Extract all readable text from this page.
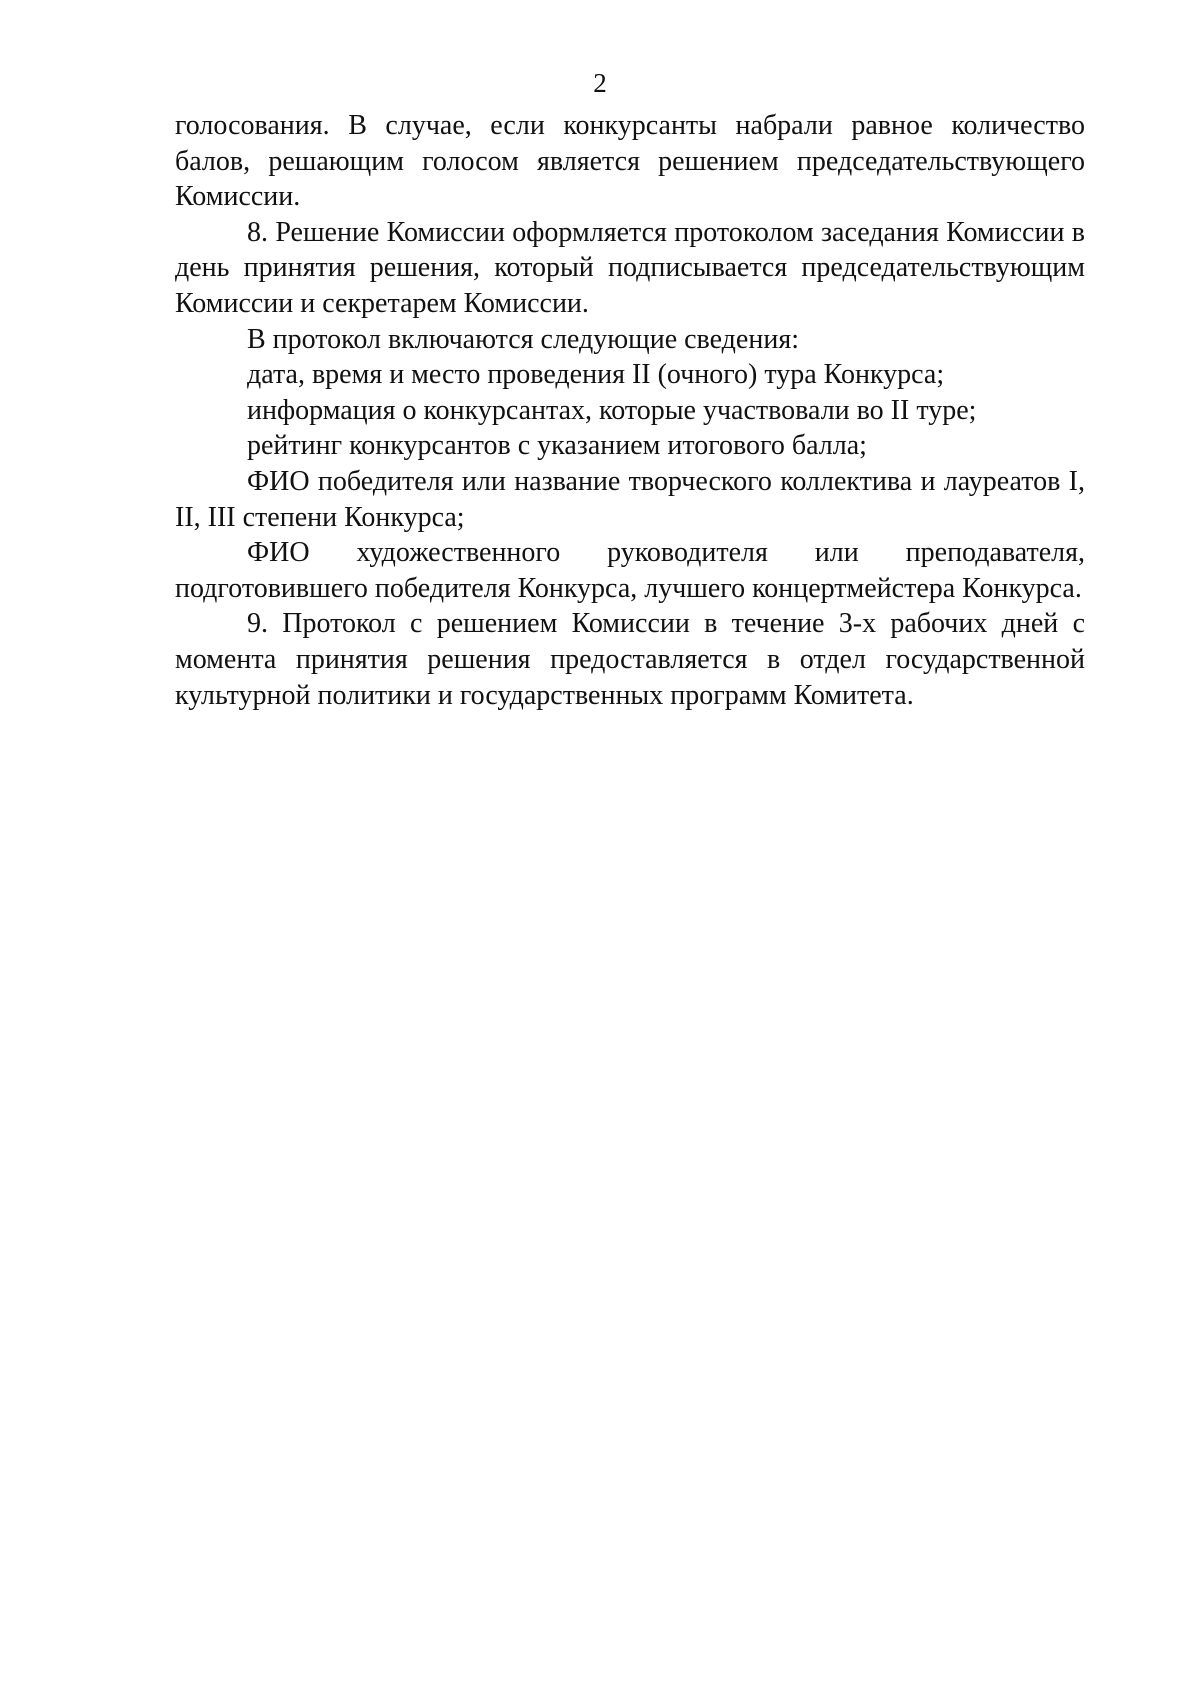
2

голосования. В случае, если конкурсанты набрали равное количество балов, решающим голосом является решением председательствующего Комиссии.

8. Решение Комиссии оформляется протоколом заседания Комиссии в день принятия решения, который подписывается председательствующим Комиссии и секретарем Комиссии.

В протокол включаются следующие сведения:

дата, время и место проведения II (очного) тура Конкурса;

информация о конкурсантах, которые участвовали во II туре;

рейтинг конкурсантов с указанием итогового балла;

ФИО победителя или название творческого коллектива и лауреатов I, II, III степени Конкурса;

ФИО художественного руководителя или преподавателя,

подготовившего победителя Конкурса, лучшего концертмейстера Конкурса.

9. Протокол с решением Комиссии в течение 3-х рабочих дней с момента принятия решения предоставляется в отдел государственной культурной политики и государственных программ Комитета.
